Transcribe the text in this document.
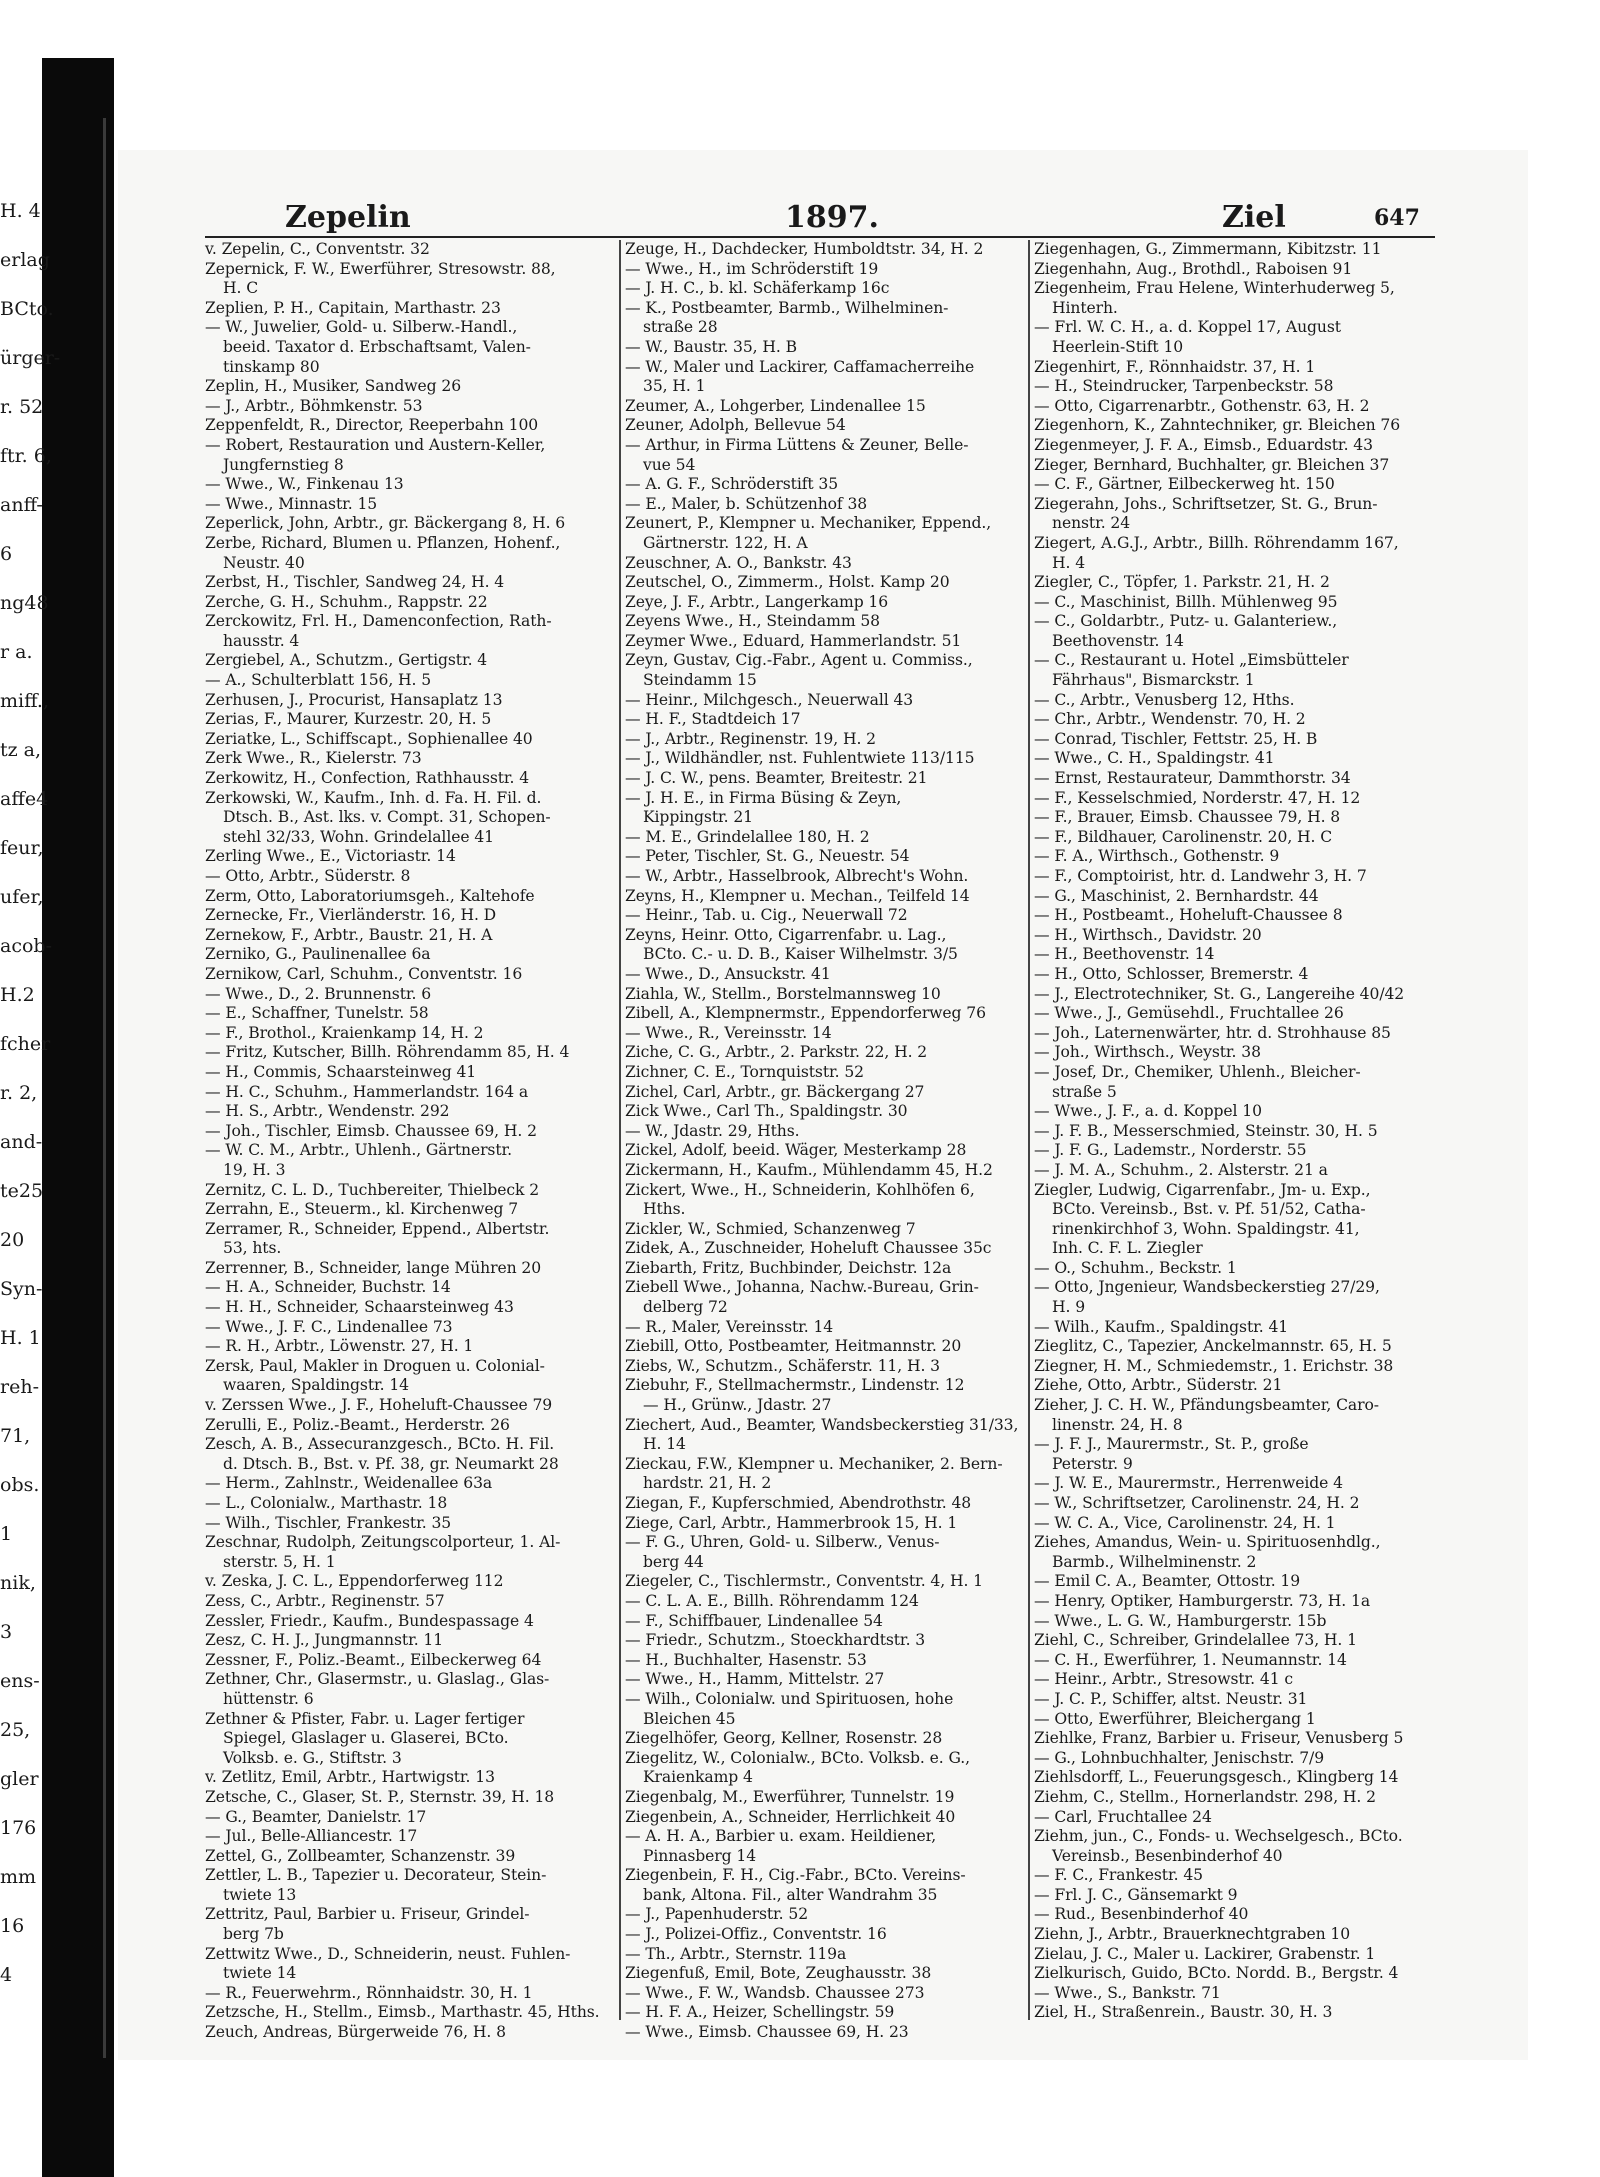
H. 4
erlag
BCto.
ürger-
r. 52
ftr. 6,
anff-
6
ng48
r a.
miff.,
tz a,
affe4
feur,
ufer,
acob-
H.2
fcher
r. 2,
and-
te25
20
Syn-
H. 1
reh-
71,
obs.
1
nik,
3
ens-
25,
gler
176
mm
16
4
Zepelin	1897.	Ziel	647
v. Zepelin, C., Conventstr. 32
Zepernick, F. W., Ewerführer, Stresowstr. 88,
H. C
Zeplien, P. H., Capitain, Marthastr. 23
— W., Juwelier, Gold- u. Silberw.-Handl.,
beeid. Taxator d. Erbschaftsamt, Valen-
tinskamp 80
Zeplin, H., Musiker, Sandweg 26
— J., Arbtr., Böhmkenstr. 53
Zeppenfeldt, R., Director, Reeperbahn 100
— Robert, Restauration und Austern-Keller,
Jungfernstieg 8
— Wwe., W., Finkenau 13
— Wwe., Minnastr. 15
Zeperlick, John, Arbtr., gr. Bäckergang 8, H. 6
Zerbe, Richard, Blumen u. Pflanzen, Hohenf.,
Neustr. 40
Zerbst, H., Tischler, Sandweg 24, H. 4
Zerche, G. H., Schuhm., Rappstr. 22
Zerckowitz, Frl. H., Damenconfection, Rath-
hausstr. 4
Zergiebel, A., Schutzm., Gertigstr. 4
— A., Schulterblatt 156, H. 5
Zerhusen, J., Procurist, Hansaplatz 13
Zerias, F., Maurer, Kurzestr. 20, H. 5
Zeriatke, L., Schiffscapt., Sophienallee 40
Zerk Wwe., R., Kielerstr. 73
Zerkowitz, H., Confection, Rathhausstr. 4
Zerkowski, W., Kaufm., Inh. d. Fa. H. Fil. d.
Dtsch. B., Ast. lks. v. Compt. 31, Schopen-
stehl 32/33, Wohn. Grindelallee 41
Zerling Wwe., E., Victoriastr. 14
— Otto, Arbtr., Süderstr. 8
Zerm, Otto, Laboratoriumsgeh., Kaltehofe
Zernecke, Fr., Vierländerstr. 16, H. D
Zernekow, F., Arbtr., Baustr. 21, H. A
Zerniko, G., Paulinenallee 6a
Zernikow, Carl, Schuhm., Conventstr. 16
— Wwe., D., 2. Brunnenstr. 6
— E., Schaffner, Tunelstr. 58
— F., Brothol., Kraienkamp 14, H. 2
— Fritz, Kutscher, Billh. Röhrendamm 85, H. 4
— H., Commis, Schaarsteinweg 41
— H. C., Schuhm., Hammerlandstr. 164 a
— H. S., Arbtr., Wendenstr. 292
— Joh., Tischler, Eimsb. Chaussee 69, H. 2
— W. C. M., Arbtr., Uhlenh., Gärtnerstr.
19, H. 3
Zernitz, C. L. D., Tuchbereiter, Thielbeck 2
Zerrahn, E., Steuerm., kl. Kirchenweg 7
Zerramer, R., Schneider, Eppend., Albertstr.
53, hts.
Zerrenner, B., Schneider, lange Mühren 20
— H. A., Schneider, Buchstr. 14
— H. H., Schneider, Schaarsteinweg 43
— Wwe., J. F. C., Lindenallee 73
— R. H., Arbtr., Löwenstr. 27, H. 1
Zersk, Paul, Makler in Droguen u. Colonial-
waaren, Spaldingstr. 14
v. Zerssen Wwe., J. F., Hoheluft-Chaussee 79
Zerulli, E., Poliz.-Beamt., Herderstr. 26
Zesch, A. B., Assecuranzgesch., BCto. H. Fil.
d. Dtsch. B., Bst. v. Pf. 38, gr. Neumarkt 28
— Herm., Zahlnstr., Weidenallee 63a
— L., Colonialw., Marthastr. 18
— Wilh., Tischler, Frankestr. 35
Zeschnar, Rudolph, Zeitungscolporteur, 1. Al-
sterstr. 5, H. 1
v. Zeska, J. C. L., Eppendorferweg 112
Zess, C., Arbtr., Reginenstr. 57
Zessler, Friedr., Kaufm., Bundespassage 4
Zesz, C. H. J., Jungmannstr. 11
Zessner, F., Poliz.-Beamt., Eilbeckerweg 64
Zethner, Chr., Glasermstr., u. Glaslag., Glas-
hüttenstr. 6
Zethner & Pfister, Fabr. u. Lager fertiger
Spiegel, Glaslager u. Glaserei, BCto.
Volksb. e. G., Stiftstr. 3
v. Zetlitz, Emil, Arbtr., Hartwigstr. 13
Zetsche, C., Glaser, St. P., Sternstr. 39, H. 18
— G., Beamter, Danielstr. 17
— Jul., Belle-Alliancestr. 17
Zettel, G., Zollbeamter, Schanzenstr. 39
Zettler, L. B., Tapezier u. Decorateur, Stein-
twiete 13
Zettritz, Paul, Barbier u. Friseur, Grindel-
berg 7b
Zettwitz Wwe., D., Schneiderin, neust. Fuhlen-
twiete 14
— R., Feuerwehrm., Rönnhaidstr. 30, H. 1
Zetzsche, H., Stellm., Eimsb., Marthastr. 45, Hths.
Zeuch, Andreas, Bürgerweide 76, H. 8
Zeuge, H., Dachdecker, Humboldtstr. 34, H. 2
— Wwe., H., im Schröderstift 19
— J. H. C., b. kl. Schäferkamp 16c
— K., Postbeamter, Barmb., Wilhelminen-
straße 28
— W., Baustr. 35, H. B
— W., Maler und Lackirer, Caffamacherreihe
35, H. 1
Zeumer, A., Lohgerber, Lindenallee 15
Zeuner, Adolph, Bellevue 54
— Arthur, in Firma Lüttens & Zeuner, Belle-
vue 54
— A. G. F., Schröderstift 35
— E., Maler, b. Schützenhof 38
Zeunert, P., Klempner u. Mechaniker, Eppend.,
Gärtnerstr. 122, H. A
Zeuschner, A. O., Bankstr. 43
Zeutschel, O., Zimmerm., Holst. Kamp 20
Zeye, J. F., Arbtr., Langerkamp 16
Zeyens Wwe., H., Steindamm 58
Zeymer Wwe., Eduard, Hammerlandstr. 51
Zeyn, Gustav, Cig.-Fabr., Agent u. Commiss.,
Steindamm 15
— Heinr., Milchgesch., Neuerwall 43
— H. F., Stadtdeich 17
— J., Arbtr., Reginenstr. 19, H. 2
— J., Wildhändler, nst. Fuhlentwiete 113/115
— J. C. W., pens. Beamter, Breitestr. 21
— J. H. E., in Firma Büsing & Zeyn,
Kippingstr. 21
— M. E., Grindelallee 180, H. 2
— Peter, Tischler, St. G., Neuestr. 54
— W., Arbtr., Hasselbrook, Albrecht's Wohn.
Zeyns, H., Klempner u. Mechan., Teilfeld 14
— Heinr., Tab. u. Cig., Neuerwall 72
Zeyns, Heinr. Otto, Cigarrenfabr. u. Lag.,
BCto. C.- u. D. B., Kaiser Wilhelmstr. 3/5
— Wwe., D., Ansuckstr. 41
Ziahla, W., Stellm., Borstelmannsweg 10
Zibell, A., Klempnermstr., Eppendorferweg 76
— Wwe., R., Vereinsstr. 14
Ziche, C. G., Arbtr., 2. Parkstr. 22, H. 2
Zichner, C. E., Tornquiststr. 52
Zichel, Carl, Arbtr., gr. Bäckergang 27
Zick Wwe., Carl Th., Spaldingstr. 30
— W., Jdastr. 29, Hths.
Zickel, Adolf, beeid. Wäger, Mesterkamp 28
Zickermann, H., Kaufm., Mühlendamm 45, H.2
Zickert, Wwe., H., Schneiderin, Kohlhöfen 6,
Hths.
Zickler, W., Schmied, Schanzenweg 7
Zidek, A., Zuschneider, Hoheluft Chaussee 35c
Ziebarth, Fritz, Buchbinder, Deichstr. 12a
Ziebell Wwe., Johanna, Nachw.-Bureau, Grin-
delberg 72
— R., Maler, Vereinsstr. 14
Ziebill, Otto, Postbeamter, Heitmannstr. 20
Ziebs, W., Schutzm., Schäferstr. 11, H. 3
Ziebuhr, F., Stellmachermstr., Lindenstr. 12
— H., Grünw., Jdastr. 27
Ziechert, Aud., Beamter, Wandsbeckerstieg 31/33,
H. 14
Zieckau, F.W., Klempner u. Mechaniker, 2. Bern-
hardstr. 21, H. 2
Ziegan, F., Kupferschmied, Abendrothstr. 48
Ziege, Carl, Arbtr., Hammerbrook 15, H. 1
— F. G., Uhren, Gold- u. Silberw., Venus-
berg 44
Ziegeler, C., Tischlermstr., Conventstr. 4, H. 1
— C. L. A. E., Billh. Röhrendamm 124
— F., Schiffbauer, Lindenallee 54
— Friedr., Schutzm., Stoeckhardtstr. 3
— H., Buchhalter, Hasenstr. 53
— Wwe., H., Hamm, Mittelstr. 27
— Wilh., Colonialw. und Spirituosen, hohe
Bleichen 45
Ziegelhöfer, Georg, Kellner, Rosenstr. 28
Ziegelitz, W., Colonialw., BCto. Volksb. e. G.,
Kraienkamp 4
Ziegenbalg, M., Ewerführer, Tunnelstr. 19
Ziegenbein, A., Schneider, Herrlichkeit 40
— A. H. A., Barbier u. exam. Heildiener,
Pinnasberg 14
Ziegenbein, F. H., Cig.-Fabr., BCto. Vereins-
bank, Altona. Fil., alter Wandrahm 35
— J., Papenhuderstr. 52
— J., Polizei-Offiz., Conventstr. 16
— Th., Arbtr., Sternstr. 119a
Ziegenfuß, Emil, Bote, Zeughausstr. 38
— Wwe., F. W., Wandsb. Chaussee 273
— H. F. A., Heizer, Schellingstr. 59
— Wwe., Eimsb. Chaussee 69, H. 23
Ziegenhagen, G., Zimmermann, Kibitzstr. 11
Ziegenhahn, Aug., Brothdl., Raboisen 91
Ziegenheim, Frau Helene, Winterhuderweg 5,
Hinterh.
— Frl. W. C. H., a. d. Koppel 17, August
Heerlein-Stift 10
Ziegenhirt, F., Rönnhaidstr. 37, H. 1
— H., Steindrucker, Tarpenbeckstr. 58
— Otto, Cigarrenarbtr., Gothenstr. 63, H. 2
Ziegenhorn, K., Zahntechniker, gr. Bleichen 76
Ziegenmeyer, J. F. A., Eimsb., Eduardstr. 43
Zieger, Bernhard, Buchhalter, gr. Bleichen 37
— C. F., Gärtner, Eilbeckerweg ht. 150
Ziegerahn, Johs., Schriftsetzer, St. G., Brun-
nenstr. 24
Ziegert, A.G.J., Arbtr., Billh. Röhrendamm 167,
H. 4
Ziegler, C., Töpfer, 1. Parkstr. 21, H. 2
— C., Maschinist, Billh. Mühlenweg 95
— C., Goldarbtr., Putz- u. Galanteriew.,
Beethovenstr. 14
— C., Restaurant u. Hotel „Eimsbütteler
Fährhaus", Bismarckstr. 1
— C., Arbtr., Venusberg 12, Hths.
— Chr., Arbtr., Wendenstr. 70, H. 2
— Conrad, Tischler, Fettstr. 25, H. B
— Wwe., C. H., Spaldingstr. 41
— Ernst, Restaurateur, Dammthorstr. 34
— F., Kesselschmied, Norderstr. 47, H. 12
— F., Brauer, Eimsb. Chaussee 79, H. 8
— F., Bildhauer, Carolinenstr. 20, H. C
— F. A., Wirthsch., Gothenstr. 9
— F., Comptoirist, htr. d. Landwehr 3, H. 7
— G., Maschinist, 2. Bernhardstr. 44
— H., Postbeamt., Hoheluft-Chaussee 8
— H., Wirthsch., Davidstr. 20
— H., Beethovenstr. 14
— H., Otto, Schlosser, Bremerstr. 4
— J., Electrotechniker, St. G., Langereihe 40/42
— Wwe., J., Gemüsehdl., Fruchtallee 26
— Joh., Laternenwärter, htr. d. Strohhause 85
— Joh., Wirthsch., Weystr. 38
— Josef, Dr., Chemiker, Uhlenh., Bleicher-
straße 5
— Wwe., J. F., a. d. Koppel 10
— J. F. B., Messerschmied, Steinstr. 30, H. 5
— J. F. G., Lademstr., Norderstr. 55
— J. M. A., Schuhm., 2. Alsterstr. 21 a
Ziegler, Ludwig, Cigarrenfabr., Jm- u. Exp.,
BCto. Vereinsb., Bst. v. Pf. 51/52, Catha-
rinenkirchhof 3, Wohn. Spaldingstr. 41,
Inh. C. F. L. Ziegler
— O., Schuhm., Beckstr. 1
— Otto, Jngenieur, Wandsbeckerstieg 27/29,
H. 9
— Wilh., Kaufm., Spaldingstr. 41
Zieglitz, C., Tapezier, Anckelmannstr. 65, H. 5
Ziegner, H. M., Schmiedemstr., 1. Erichstr. 38
Ziehe, Otto, Arbtr., Süderstr. 21
Zieher, J. C. H. W., Pfändungsbeamter, Caro-
linenstr. 24, H. 8
— J. F. J., Maurermstr., St. P., große
Peterstr. 9
— J. W. E., Maurermstr., Herrenweide 4
— W., Schriftsetzer, Carolinenstr. 24, H. 2
— W. C. A., Vice, Carolinenstr. 24, H. 1
Ziehes, Amandus, Wein- u. Spirituosenhdlg.,
Barmb., Wilhelminenstr. 2
— Emil C. A., Beamter, Ottostr. 19
— Henry, Optiker, Hamburgerstr. 73, H. 1a
— Wwe., L. G. W., Hamburgerstr. 15b
Ziehl, C., Schreiber, Grindelallee 73, H. 1
— C. H., Ewerführer, 1. Neumannstr. 14
— Heinr., Arbtr., Stresowstr. 41 c
— J. C. P., Schiffer, altst. Neustr. 31
— Otto, Ewerführer, Bleichergang 1
Ziehlke, Franz, Barbier u. Friseur, Venusberg 5
— G., Lohnbuchhalter, Jenischstr. 7/9
Ziehlsdorff, L., Feuerungsgesch., Klingberg 14
Ziehm, C., Stellm., Hornerlandstr. 298, H. 2
— Carl, Fruchtallee 24
Ziehm, jun., C., Fonds- u. Wechselgesch., BCto.
Vereinsb., Besenbinderhof 40
— F. C., Frankestr. 45
— Frl. J. C., Gänsemarkt 9
— Rud., Besenbinderhof 40
Ziehn, J., Arbtr., Brauerknechtgraben 10
Zielau, J. C., Maler u. Lackirer, Grabenstr. 1
Zielkurisch, Guido, BCto. Nordd. B., Bergstr. 4
— Wwe., S., Bankstr. 71
Ziel, H., Straßenrein., Baustr. 30, H. 3
